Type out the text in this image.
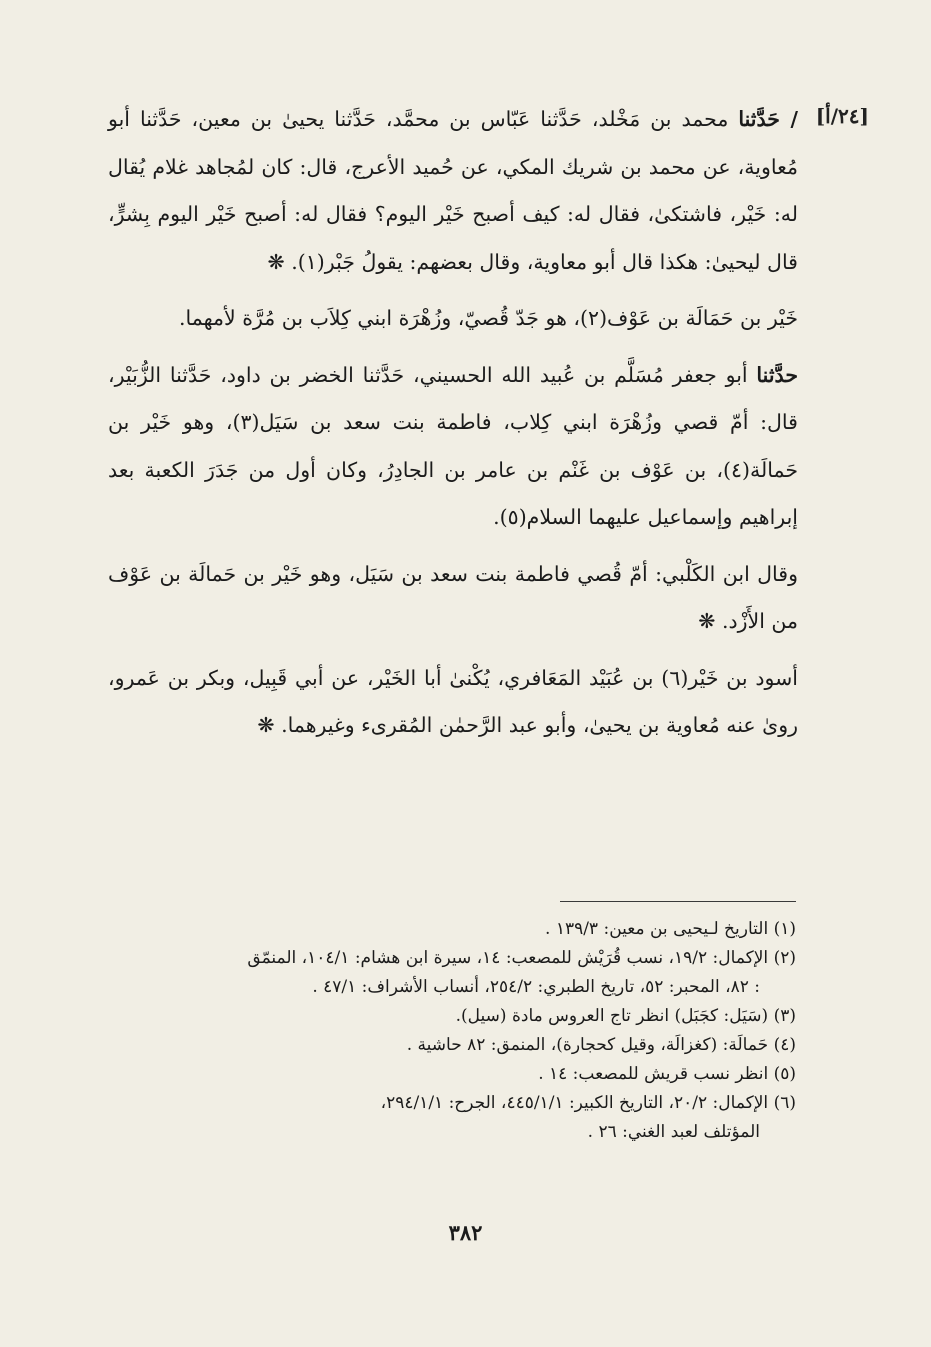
[٢٤/أ]

/ حَدَّثنا محمد بن مَخْلد، حَدَّثنا عَبّاس بن محمَّد، حَدَّثنا يحيىٰ بن معين، حَدَّثنا أبو مُعاوية، عن محمد بن شريك المكي، عن حُميد الأعرج، قال: كان لمُجاهد غلام يُقال له: خَيْر، فاشتكىٰ، فقال له: كيف أصبح خَيْر اليوم؟ فقال له: أصبح خَيْر اليوم بِشرٍّ، قال ليحيىٰ: هكذا قال أبو معاوية، وقال بعضهم: يقولُ جَبْر(١). ❋

خَيْر بن حَمَالَة بن عَوْف(٢)، هو جَدّ قُصيّ، وزُهْرَة ابني كِلاَب بن مُرَّة لأمهما.

حدَّثنا أبو جعفر مُسَلَّم بن عُبيد الله الحسيني، حَدَّثنا الخضر بن داود، حَدَّثنا الزُّبَيْر، قال: أمّ قصي وزُهْرَة ابني كِلاب، فاطمة بنت سعد بن سَيَل(٣)، وهو خَيْر بن حَمالَة(٤)، بن عَوْف بن غَنْم بن عامر بن الجادِرُ، وكان أول من جَدَرَ الكعبة بعد إبراهيم وإسماعيل عليهما السلام(٥).

وقال ابن الكَلْبي: أمّ قُصي فاطمة بنت سعد بن سَيَل، وهو خَيْر بن حَمالَة بن عَوْف من الأَزْد. ❋

أسود بن خَيْر(٦) بن عُبَيْد المَعَافري، يُكْنىٰ أبا الخَيْر، عن أبي قَبِيل، وبكر بن عَمرو، روىٰ عنه مُعاوية بن يحيىٰ، وأبو عبد الرَّحمٰن المُقرىء وغيرهما. ❋

(١) التاريخ لـيحيى بن معين: ١٣٩/٣ .

(٢) الإكمال: ١٩/٢، نسب قُرَيْش للمصعب: ١٤، سيرة ابن هشام: ١٠٤/١، المنمّق
: ٨٢، المحبر: ٥٢، تاريخ الطبري: ٢٥٤/٢، أنساب الأشراف: ٤٧/١ .

(٣) (سَيَل: كجَبَل) انظر تاج العروس مادة (سيل).

(٤) حَمالَة: (كغزالَة، وقيل كحجارة)، المنمق: ٨٢ حاشية .

(٥) انظر نسب قريش للمصعب: ١٤ .

(٦) الإكمال: ٢٠/٢، التاريخ الكبير: ٤٤٥/١/١، الجرح: ٢٩٤/١/١،
المؤتلف لعبد الغني: ٢٦ .

٣٨٢
